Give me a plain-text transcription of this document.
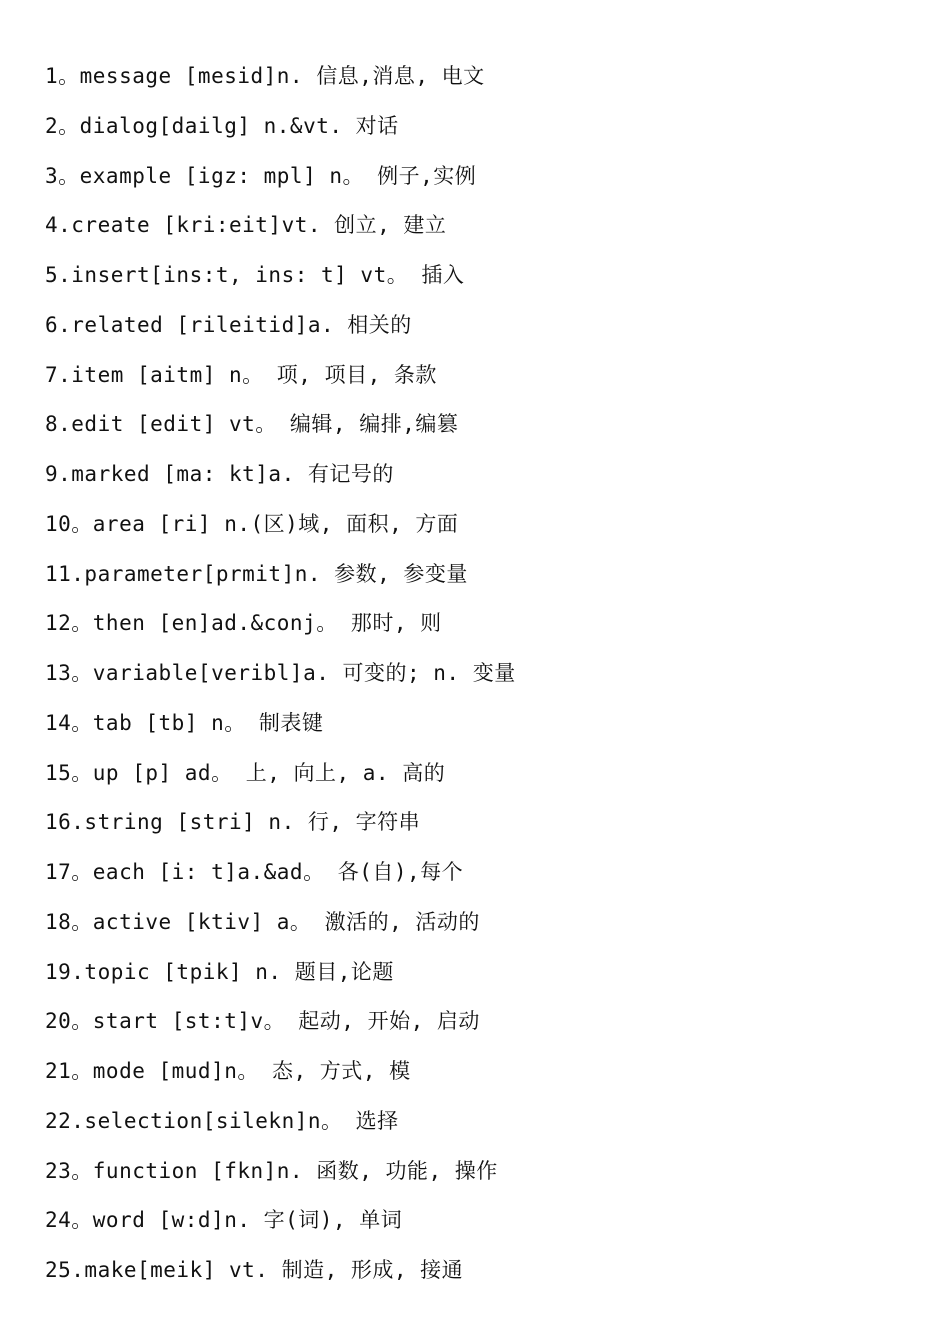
1。message [mesid]n. 信息,消息, 电文
2。dialog[dailg] n.&vt. 对话
3。example [igz: mpl] n。 例子,实例
4.create [kri:eit]vt. 创立, 建立
5.insert[ins:t, ins: t] vt。 插入
6.related [rileitid]a. 相关的
7.item [aitm] n。 项, 项目, 条款
8.edit [edit] vt。 编辑, 编排,编篡
9.marked [ma: kt]a. 有记号的
10。area [ri] n.(区)域, 面积, 方面
11.parameter[prmit]n. 参数, 参变量
12。then [en]ad.&conj。 那时, 则
13。variable[veribl]a. 可变的; n. 变量
14。tab [tb] n。 制表键
15。up [p] ad。 上, 向上, a. 高的
16.string [stri] n. 行, 字符串
17。each [i: t]a.&ad。 各(自),每个
18。active [ktiv] a。 激活的, 活动的
19.topic [tpik] n. 题目,论题
20。start [st:t]v。 起动, 开始, 启动
21。mode [mud]n。 态, 方式, 模
22.selection[silekn]n。 选择
23。function [fkn]n. 函数, 功能, 操作
24。word [w:d]n. 字(词), 单词
25.make[meik] vt. 制造, 形成, 接通
